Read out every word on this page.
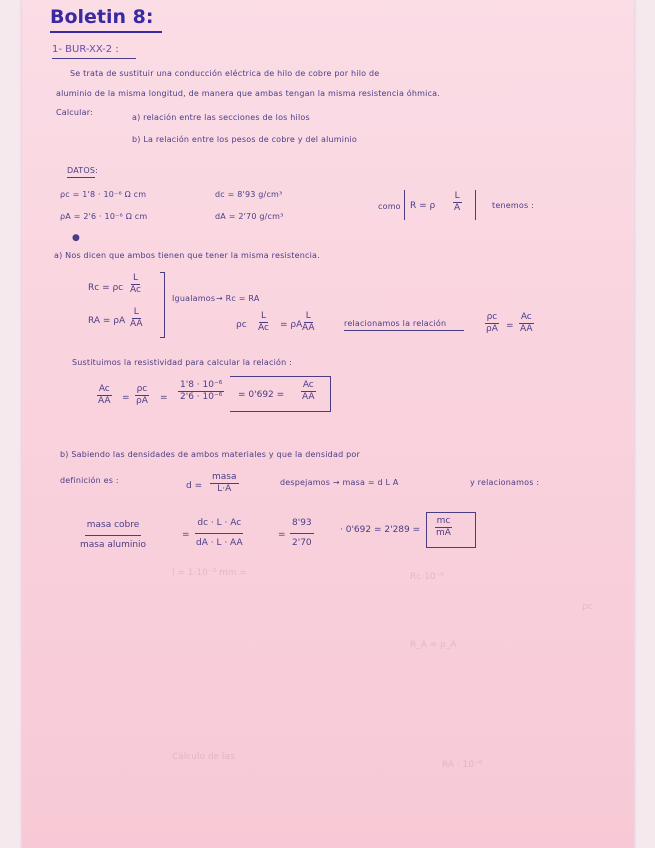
Boletin 8:
1- BUR-XX-2 :
Se trata de sustituir una conducción eléctrica de hilo de cobre por hilo de
aluminio de la misma longitud, de manera que ambas tengan la misma resistencia óhmica.
Calcular:
a) relación entre las secciones de los hilos
b) La relación entre los pesos de cobre y del aluminio
DATOS:
ρc = 1'8 · 10⁻⁶ Ω cm
ρA = 2'6 · 10⁻⁶ Ω cm
dc = 8'93 g/cm³
dA = 2'70 g/cm³
como R = ρ $\frac{L}{A}$	tenemos :
●
a) Nos dicen que ambos tienen que tener la misma resistencia.
Rc = ρc $\frac{L}{Ac}$
RA = ρA $\frac{L}{AA}$
Igualamos → Rc = RA
ρc $\frac{L}{Ac} = \rho A$
$\frac{L}{AA}$	relacionamos la relación	$\frac{\rho c}{\rho A} = \frac{Ac}{AA}$
Sustituimos la resistividad para calcular la relación :
$\frac{Ac}{AA} = \frac{\rho c}{\rho A} = \frac{\text{1'8 · 10⁻⁶}}{\text{2'6 · 10⁻⁶}} = 0'692 = \frac{Ac}{AA}$
b) Sabiendo las densidades de ambos materiales y que la densidad por
definición es :
d =
masa
L·A
despejamos → masa = d L A	y relacionamos :
masa cobre
masa aluminio
= $\frac{dc \cdot L \cdot Ac}{dA \cdot L \cdot AA}$	= $\frac{8'93}{2'70}$	· $0'692 = 2'289 = \frac{mc}{mA}$
l = 1·10⁻³ mm =	Rc·10⁻⁶
ρc
R_A = ρ_A
Cálculo de las
RA · 10⁻⁶
